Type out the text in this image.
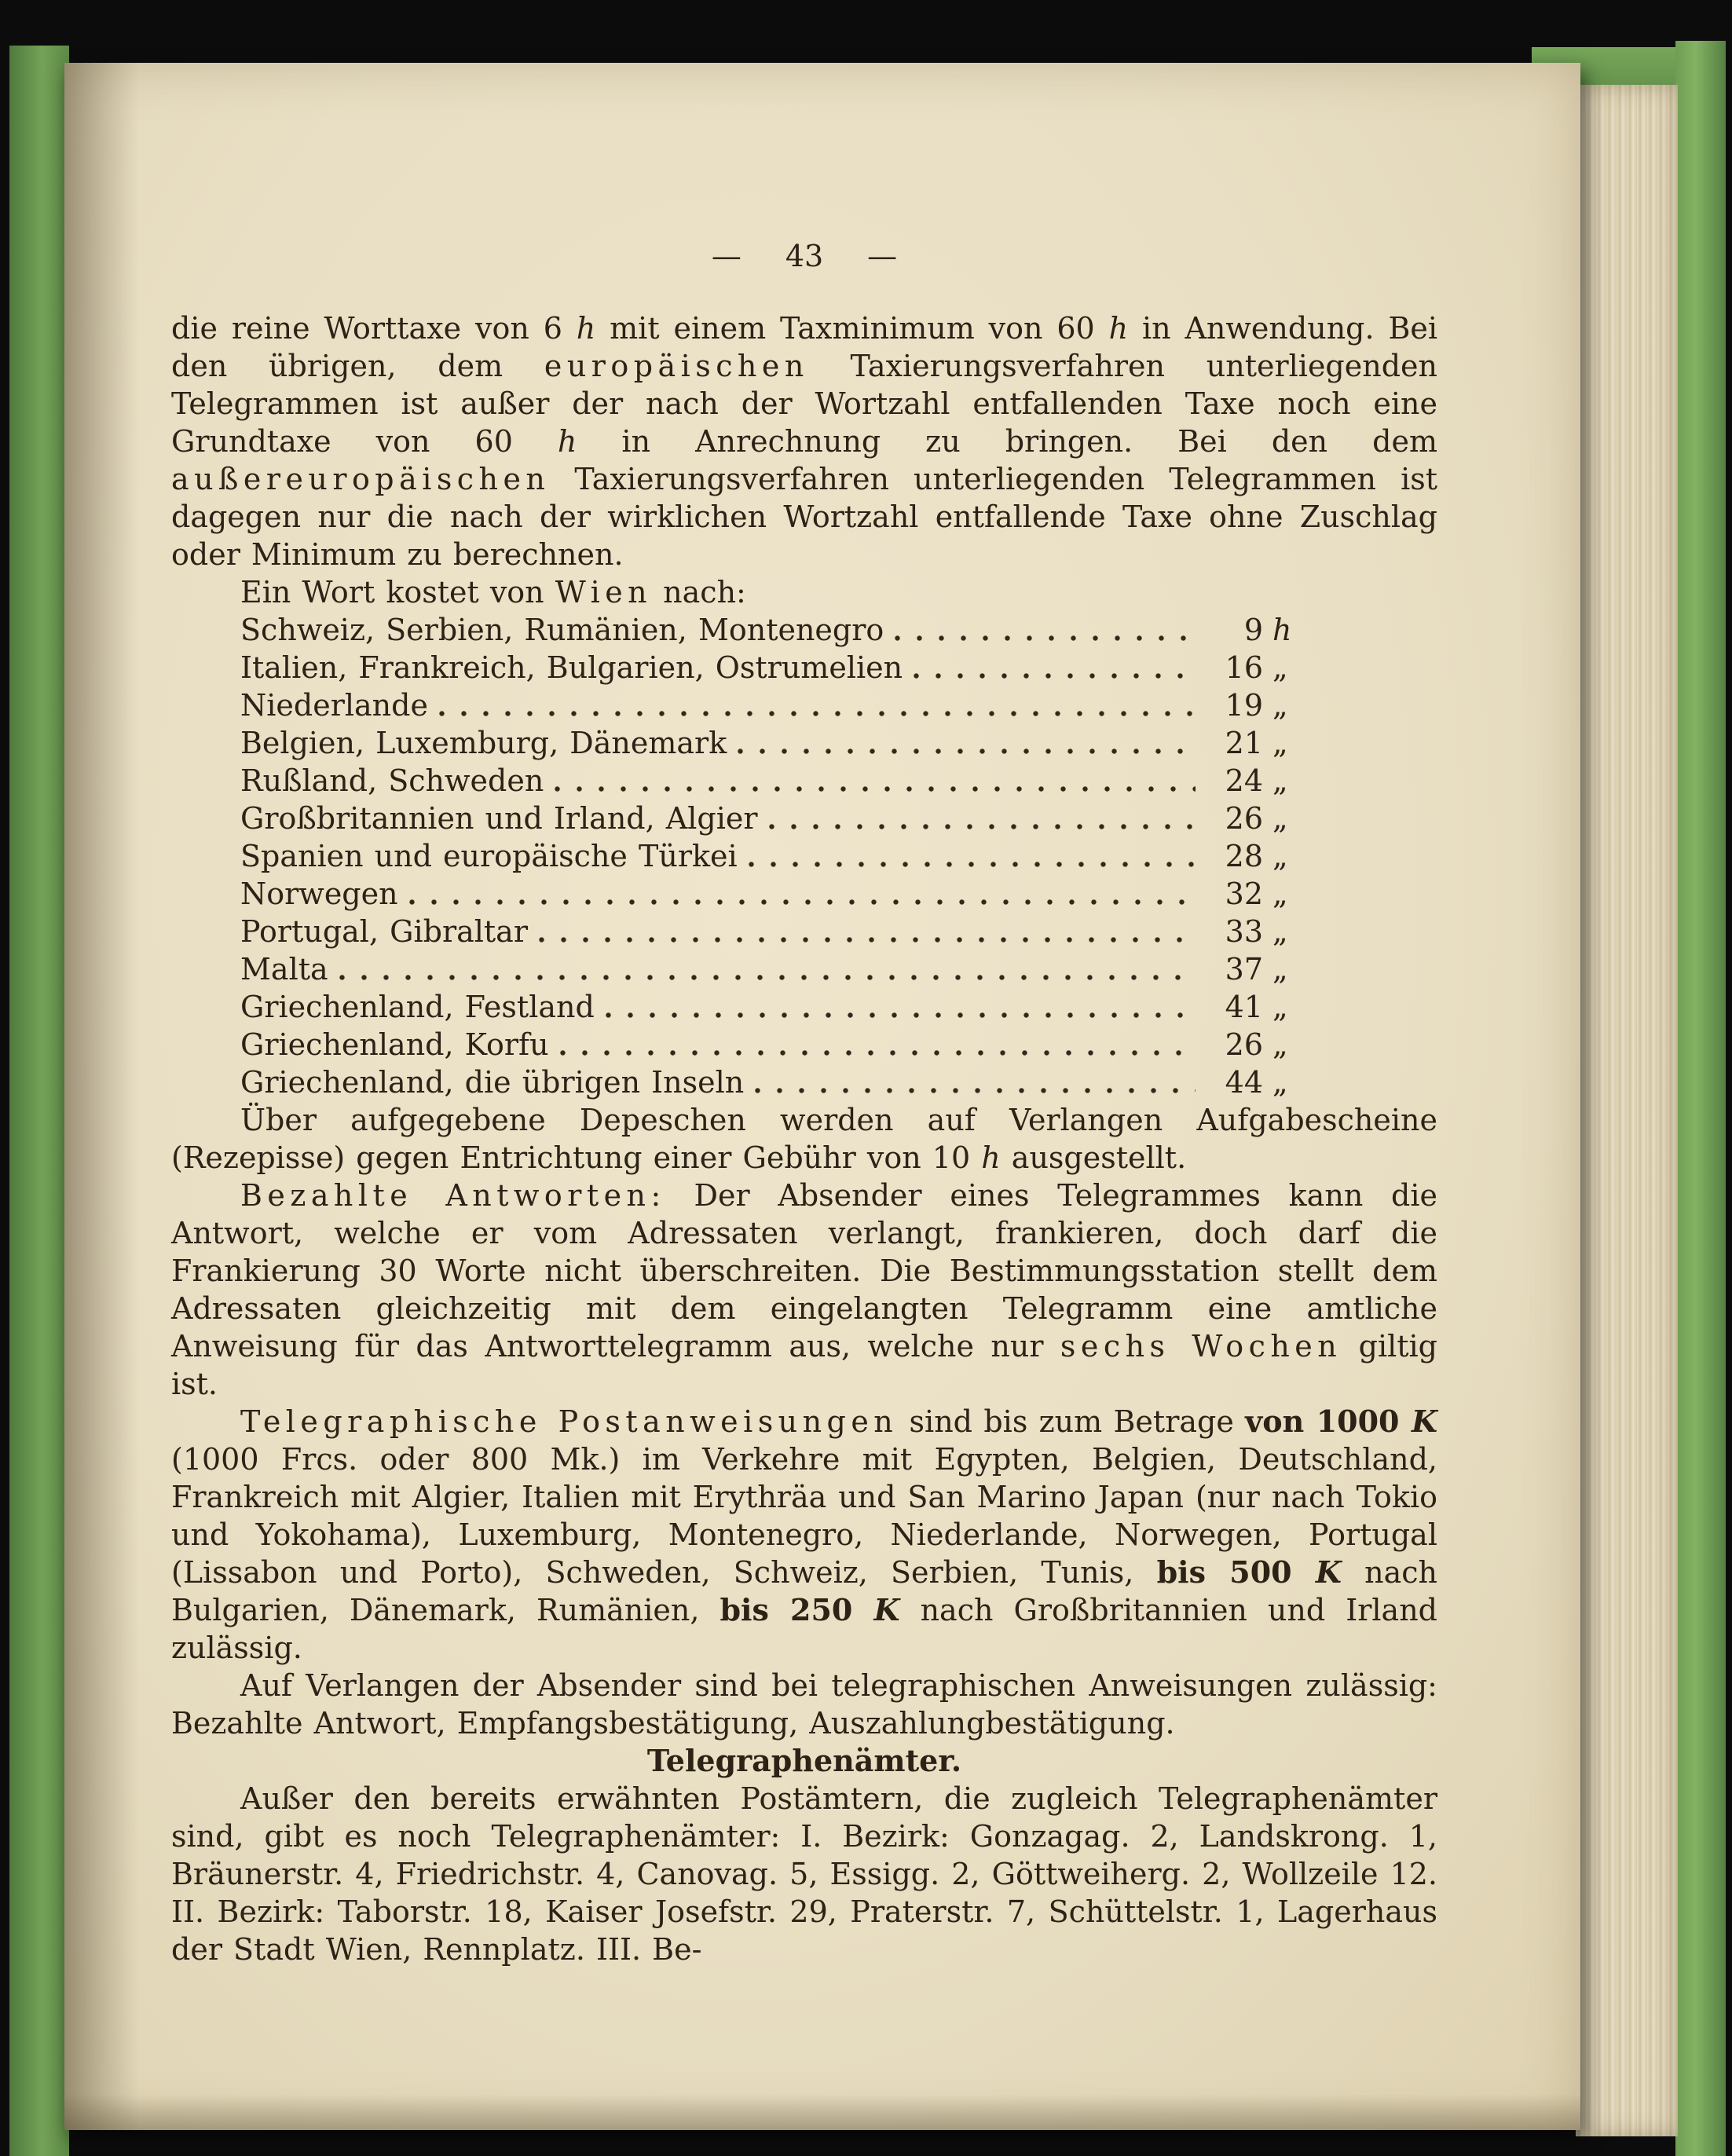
— 43 —

die reine Worttaxe von 6 h mit einem Taxminimum von 60 h in Anwendung. Bei den übrigen, dem europäischen Taxierungsverfahren unterliegenden Telegrammen ist außer der nach der Wortzahl entfallenden Taxe noch eine Grundtaxe von 60 h in Anrechnung zu bringen. Bei den dem außereuropäischen Taxierungsverfahren unterliegenden Telegrammen ist dagegen nur die nach der wirklichen Wortzahl entfallende Taxe ohne Zuschlag oder Minimum zu berechnen.

Ein Wort kostet von Wien nach:

Schweiz, Serbien, Rumänien, Montenegro	9 h
Italien, Frankreich, Bulgarien, Ostrumelien	16 „
Niederlande	19 „
Belgien, Luxemburg, Dänemark	21 „
Rußland, Schweden	24 „
Großbritannien und Irland, Algier	26 „
Spanien und europäische Türkei	28 „
Norwegen	32 „
Portugal, Gibraltar	33 „
Malta	37 „
Griechenland, Festland	41 „
Griechenland, Korfu	26 „
Griechenland, die übrigen Inseln	44 „

Über aufgegebene Depeschen werden auf Verlangen Aufgabescheine (Rezepisse) gegen Entrichtung einer Gebühr von 10 h ausgestellt.

Bezahlte Antworten: Der Absender eines Telegrammes kann die Antwort, welche er vom Adressaten verlangt, frankieren, doch darf die Frankierung 30 Worte nicht überschreiten. Die Bestimmungsstation stellt dem Adressaten gleichzeitig mit dem eingelangten Telegramm eine amtliche Anweisung für das Antworttelegramm aus, welche nur sechs Wochen giltig ist.

Telegraphische Postanweisungen sind bis zum Betrage von 1000 K (1000 Frcs. oder 800 Mk.) im Verkehre mit Egypten, Belgien, Deutschland, Frankreich mit Algier, Italien mit Erythräa und San Marino Japan (nur nach Tokio und Yokohama), Luxemburg, Montenegro, Niederlande, Norwegen, Portugal (Lissabon und Porto), Schweden, Schweiz, Serbien, Tunis, bis 500 K nach Bulgarien, Dänemark, Rumänien, bis 250 K nach Großbritannien und Irland zulässig.

Auf Verlangen der Absender sind bei telegraphischen Anweisungen zulässig: Bezahlte Antwort, Empfangsbestätigung, Auszahlungbestätigung.

Telegraphenämter.

Außer den bereits erwähnten Postämtern, die zugleich Telegraphenämter sind, gibt es noch Telegraphenämter: I. Bezirk: Gonzagag. 2, Landskrong. 1, Bräunerstr. 4, Friedrichstr. 4, Canovag. 5, Essigg. 2, Göttweiherg. 2, Wollzeile 12. II. Bezirk: Taborstr. 18, Kaiser Josefstr. 29, Praterstr. 7, Schüttelstr. 1, Lagerhaus der Stadt Wien, Rennplatz. III. Be-
